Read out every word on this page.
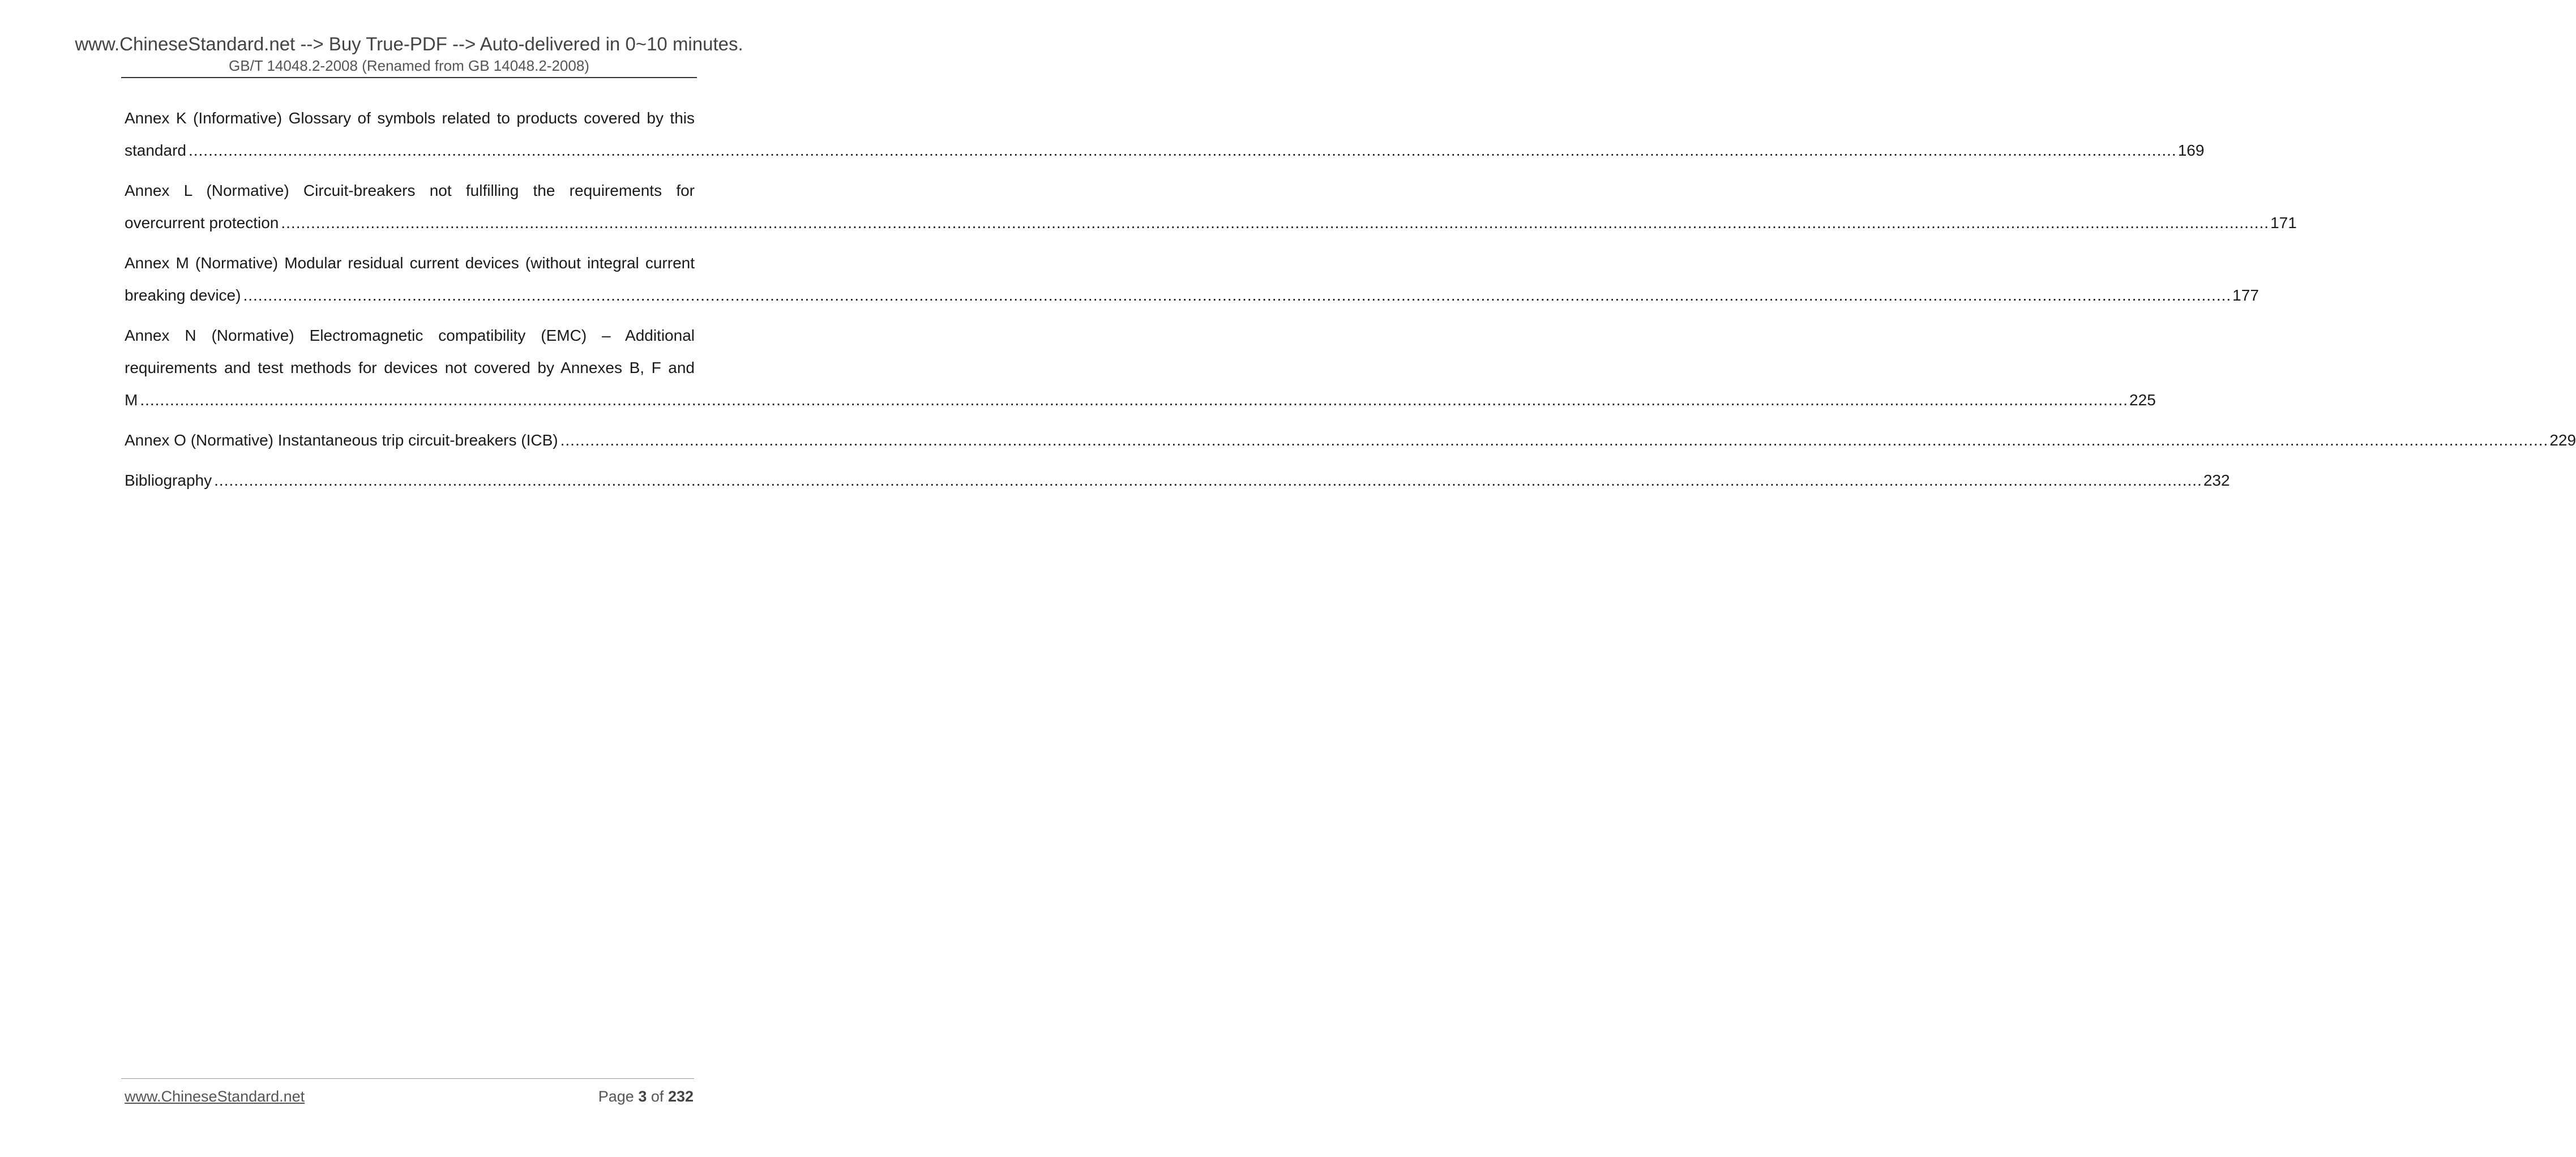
www.ChineseStandard.net --> Buy True-PDF --> Auto-delivered in 0~10 minutes.
GB/T 14048.2-2008 (Renamed from GB 14048.2-2008)
Annex K (Informative) Glossary of symbols related to products covered by this
standard ................................................................................................................................................................................................................................................................................................................................................................................................................ 169
Annex L (Normative) Circuit-breakers not fulfilling the requirements for
overcurrent protection ................................................................................................................................................................................................................................................................................................................................................................................................................ 171
Annex M (Normative) Modular residual current devices (without integral current
breaking device) ................................................................................................................................................................................................................................................................................................................................................................................................................ 177
Annex N (Normative) Electromagnetic compatibility (EMC) – Additional
requirements and test methods for devices not covered by Annexes B, F and
M ................................................................................................................................................................................................................................................................................................................................................................................................................ 225
Annex O (Normative) Instantaneous trip circuit-breakers (ICB) ................................................................................................................................................................................................................................................................................................................................................................................................................ 229
Bibliography ................................................................................................................................................................................................................................................................................................................................................................................................................ 232
www.ChineseStandard.net	Page 3 of 232
